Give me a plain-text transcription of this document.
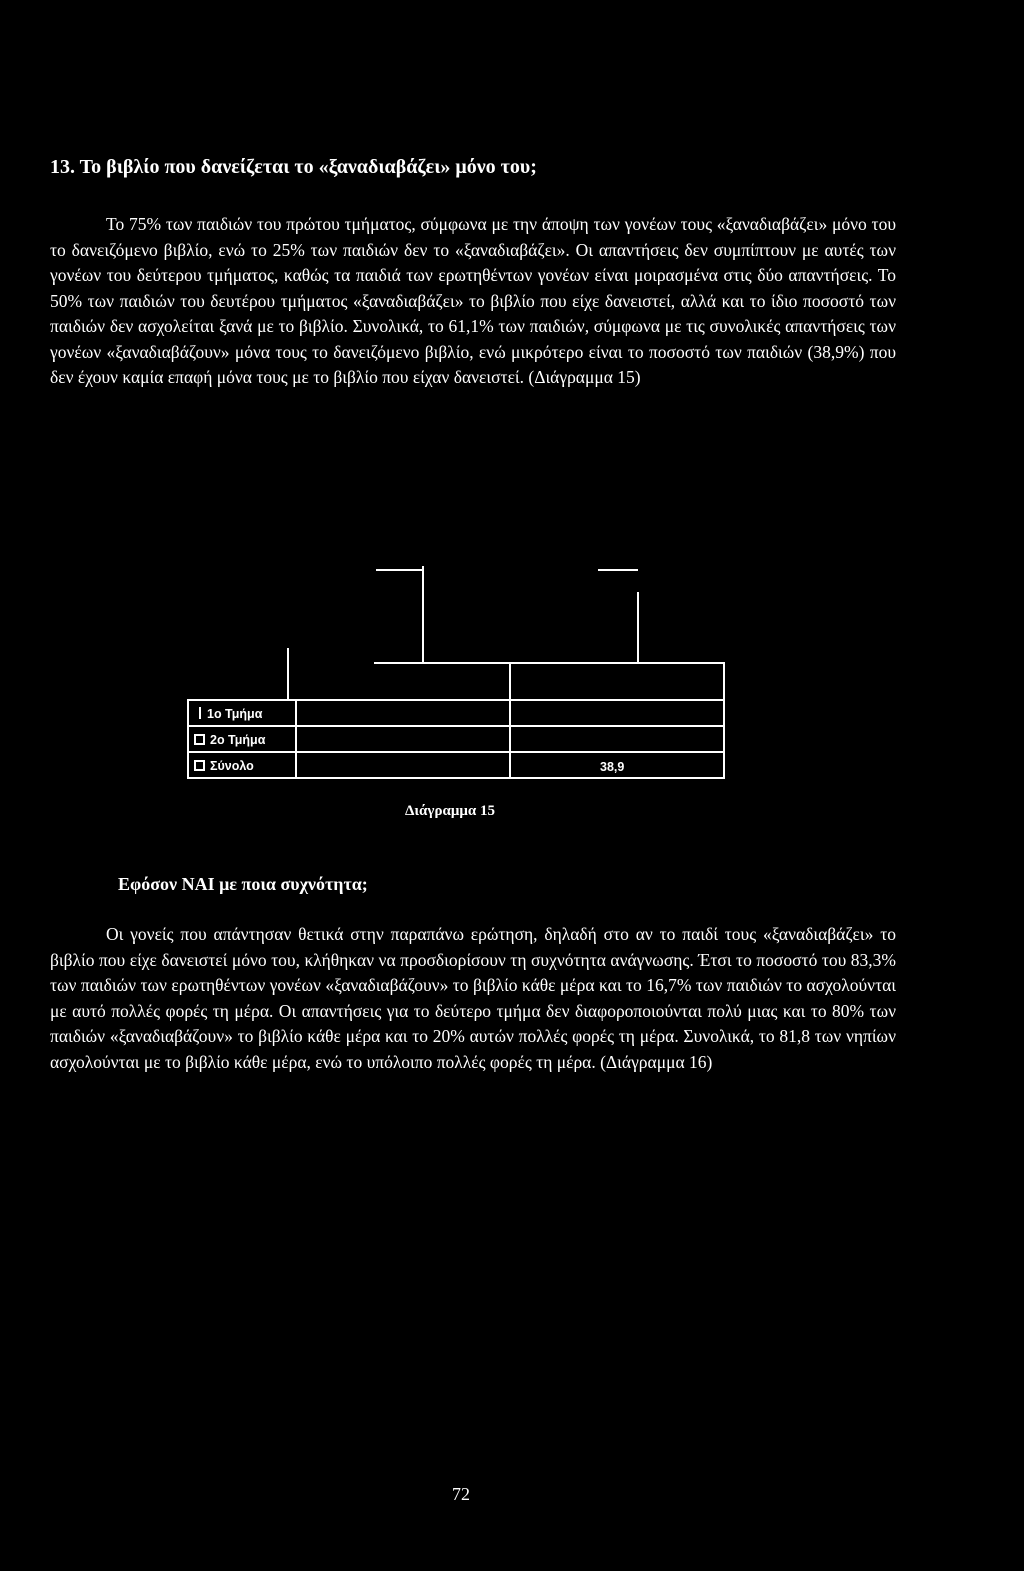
13. Το βιβλίο που δανείζεται το «ξαναδιαβάζει» μόνο του;

Το 75% των παιδιών του πρώτου τμήματος, σύμφωνα με την άποψη των γονέων τους «ξαναδιαβάζει» μόνο του το δανειζόμενο βιβλίο, ενώ το 25% των παιδιών δεν το «ξαναδιαβάζει». Οι απαντήσεις δεν συμπίπτουν με αυτές των γονέων του δεύτερου τμήματος, καθώς τα παιδιά των ερωτηθέντων γονέων είναι μοιρασμένα στις δύο απαντήσεις. Το 50% των παιδιών του δευτέρου τμήματος «ξαναδιαβάζει» το βιβλίο που είχε δανειστεί, αλλά και το ίδιο ποσοστό των παιδιών δεν ασχολείται ξανά με το βιβλίο. Συνολικά, το 61,1% των παιδιών, σύμφωνα με τις συνολικές απαντήσεις των γονέων «ξαναδιαβάζουν» μόνα τους το δανειζόμενο βιβλίο, ενώ μικρότερο είναι το ποσοστό των παιδιών (38,9%) που δεν έχουν καμία επαφή μόνα τους με το βιβλίο που είχαν δανειστεί. (Διάγραμμα 15)

1ο Τμήμα
2ο Τμήμα
Σύνολο	38,9

Διάγραμμα 15

Εφόσον ΝΑΙ με ποια συχνότητα;

Οι γονείς που απάντησαν θετικά στην παραπάνω ερώτηση, δηλαδή στο αν το παιδί τους «ξαναδιαβάζει» το βιβλίο που είχε δανειστεί μόνο του, κλήθηκαν να προσδιορίσουν τη συχνότητα ανάγνωσης. Έτσι το ποσοστό του 83,3% των παιδιών των ερωτηθέντων γονέων «ξαναδιαβάζουν» το βιβλίο κάθε μέρα και το 16,7% των παιδιών το ασχολούνται με αυτό πολλές φορές τη μέρα. Οι απαντήσεις για το δεύτερο τμήμα δεν διαφοροποιούνται πολύ μιας και το 80% των παιδιών «ξαναδιαβάζουν» το βιβλίο κάθε μέρα και το 20% αυτών πολλές φορές τη μέρα. Συνολικά, το 81,8 των νηπίων ασχολούνται με το βιβλίο κάθε μέρα, ενώ το υπόλοιπο πολλές φορές τη μέρα. (Διάγραμμα 16)

72
